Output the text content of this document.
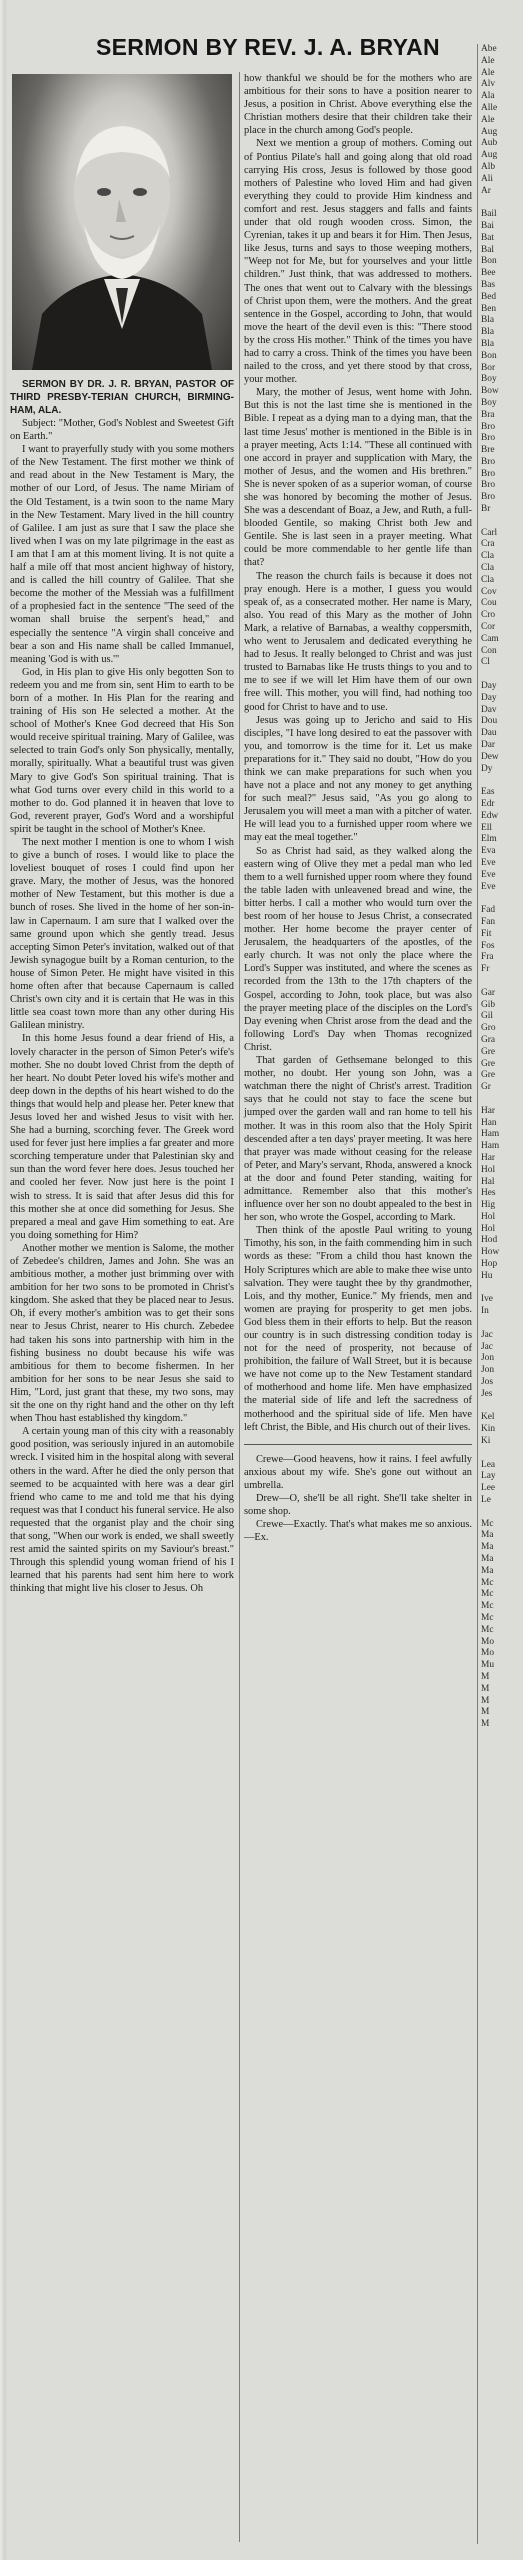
SERMON BY REV. J. A. BRYAN

SERMON BY DR. J. R. BRYAN, PASTOR OF THIRD PRESBY-TERIAN CHURCH, BIRMING-HAM, ALA.

Subject: "Mother, God's Noblest and Sweetest Gift on Earth."

I want to prayerfully study with you some mothers of the New Testament. The first mother we think of and read about in the New Testament is Mary, the mother of our Lord, of Jesus. The name Miriam of the Old Testament, is a twin soon to the name Mary in the New Testament. Mary lived in the hill country of Galilee. I am just as sure that I saw the place she lived when I was on my late pilgrimage in the east as I am that I am at this moment living. It is not quite a half a mile off that most ancient highway of history, and is called the hill country of Galilee. That she become the mother of the Messiah was a fulfillment of a prophesied fact in the sentence "The seed of the woman shall bruise the serpent's head," and especially the sentence "A virgin shall conceive and bear a son and His name shall be called Immanuel, meaning 'God is with us.'"

God, in His plan to give His only begotten Son to redeem you and me from sin, sent Him to earth to be born of a mother. In His Plan for the rearing and training of His son He selected a mother. At the school of Mother's Knee God decreed that His Son would receive spiritual training. Mary of Galilee, was selected to train God's only Son physically, mentally, morally, spiritually. What a beautiful trust was given Mary to give God's Son spiritual training. That is what God turns over every child in this world to a mother to do. God planned it in heaven that love to God, reverent prayer, God's Word and a worshipful spirit be taught in the school of Mother's Knee.

The next mother I mention is one to whom I wish to give a bunch of roses. I would like to place the loveliest bouquet of roses I could find upon her grave. Mary, the mother of Jesus, was the honored mother of New Testament, but this mother is due a bunch of roses. She lived in the home of her son-in-law in Capernaum. I am sure that I walked over the same ground upon which she gently tread. Jesus accepting Simon Peter's invitation, walked out of that Jewish synagogue built by a Roman centurion, to the house of Simon Peter. He might have visited in this home often after that because Capernaum is called Christ's own city and it is certain that He was in this little sea coast town more than any other during His Galilean ministry.

In this home Jesus found a dear friend of His, a lovely character in the person of Simon Peter's wife's mother. She no doubt loved Christ from the depth of her heart. No doubt Peter loved his wife's mother and deep down in the depths of his heart wished to do the things that would help and please her. Peter knew that Jesus loved her and wished Jesus to visit with her. She had a burning, scorching fever. The Greek word used for fever just here implies a far greater and more scorching temperature under that Palestinian sky and sun than the word fever here does. Jesus touched her and cooled her fever. Now just here is the point I wish to stress. It is said that after Jesus did this for this mother she at once did something for Jesus. She prepared a meal and gave Him something to eat. Are you doing something for Him?

Another mother we mention is Salome, the mother of Zebedee's children, James and John. She was an ambitious mother, a mother just brimming over with ambition for her two sons to be promoted in Christ's kingdom. She asked that they be placed near to Jesus. Oh, if every mother's ambition was to get their sons near to Jesus Christ, nearer to His church. Zebedee had taken his sons into partnership with him in the fishing business no doubt because his wife was ambitious for them to become fishermen. In her ambition for her sons to be near Jesus she said to Him, "Lord, just grant that these, my two sons, may sit the one on thy right hand and the other on thy left when Thou hast established thy kingdom."

A certain young man of this city with a reasonably good position, was seriously injured in an automobile wreck. I visited him in the hospital along with several others in the ward. After he died the only person that seemed to be acquainted with here was a dear girl friend who came to me and told me that his dying request was that I conduct his funeral service. He also requested that the organist play and the choir sing that song, "When our work is ended, we shall sweetly rest amid the sainted spirits on my Saviour's breast." Through this splendid young woman friend of his I learned that his parents had sent him here to work thinking that might live his closer to Jesus. Oh

how thankful we should be for the mothers who are ambitious for their sons to have a position nearer to Jesus, a position in Christ. Above everything else the Christian mothers desire that their children take their place in the church among God's people.

Next we mention a group of mothers. Coming out of Pontius Pilate's hall and going along that old road carrying His cross, Jesus is followed by those good mothers of Palestine who loved Him and had given everything they could to provide Him kindness and comfort and rest. Jesus staggers and falls and faints under that old rough wooden cross. Simon, the Cyrenian, takes it up and bears it for Him. Then Jesus, like Jesus, turns and says to those weeping mothers, "Weep not for Me, but for yourselves and your little children." Just think, that was addressed to mothers. The ones that went out to Calvary with the blessings of Christ upon them, were the mothers. And the great sentence in the Gospel, according to John, that would move the heart of the devil even is this: "There stood by the cross His mother." Think of the times you have had to carry a cross. Think of the times you have been nailed to the cross, and yet there stood by that cross, your mother.

Mary, the mother of Jesus, went home with John. But this is not the last time she is mentioned in the Bible. I repeat as a dying man to a dying man, that the last time Jesus' mother is mentioned in the Bible is in a prayer meeting, Acts 1:14. "These all continued with one accord in prayer and supplication with Mary, the mother of Jesus, and the women and His brethren." She is never spoken of as a superior woman, of course she was honored by becoming the mother of Jesus. She was a descendant of Boaz, a Jew, and Ruth, a full-blooded Gentile, so making Christ both Jew and Gentile. She is last seen in a prayer meeting. What could be more commendable to her gentle life than that?

The reason the church fails is because it does not pray enough. Here is a mother, I guess you would speak of, as a consecrated mother. Her name is Mary, also. You read of this Mary as the mother of John Mark, a relative of Barnabas, a wealthy coppersmith, who went to Jerusalem and dedicated everything he had to Jesus. It really belonged to Christ and was just trusted to Barnabas like He trusts things to you and to me to see if we will let Him have them of our own free will. This mother, you will find, had nothing too good for Christ to have and to use.

Jesus was going up to Jericho and said to His disciples, "I have long desired to eat the passover with you, and tomorrow is the time for it. Let us make preparations for it." They said no doubt, "How do you think we can make preparations for such when you have not a place and not any money to get anything for such meal?" Jesus said, "As you go along to Jerusalem you will meet a man with a pitcher of water. He will lead you to a furnished upper room where we may eat the meal together."

So as Christ had said, as they walked along the eastern wing of Olive they met a pedal man who led them to a well furnished upper room where they found the table laden with unleavened bread and wine, the bitter herbs. I call a mother who would turn over the best room of her house to Jesus Christ, a consecrated mother. Her home become the prayer center of Jerusalem, the headquarters of the apostles, of the early church. It was not only the place where the Lord's Supper was instituted, and where the scenes as recorded from the 13th to the 17th chapters of the Gospel, according to John, took place, but was also the prayer meeting place of the disciples on the Lord's Day evening when Christ arose from the dead and the following Lord's Day when Thomas recognized Christ.

That garden of Gethsemane belonged to this mother, no doubt. Her young son John, was a watchman there the night of Christ's arrest. Tradition says that he could not stay to face the scene but jumped over the garden wall and ran home to tell his mother. It was in this room also that the Holy Spirit descended after a ten days' prayer meeting. It was here that prayer was made without ceasing for the release of Peter, and Mary's servant, Rhoda, answered a knock at the door and found Peter standing, waiting for admittance. Remember also that this mother's influence over her son no doubt appealed to the best in her son, who wrote the Gospel, according to Mark.

Then think of the apostle Paul writing to young Timothy, his son, in the faith commending him in such words as these: "From a child thou hast known the Holy Scriptures which are able to make thee wise unto salvation. They were taught thee by thy grandmother, Lois, and thy mother, Eunice." My friends, men and women are praying for prosperity to get men jobs. God bless them in their efforts to help. But the reason our country is in such distressing condition today is not for the need of prosperity, not because of prohibition, the failure of Wall Street, but it is because we have not come up to the New Testament standard of motherhood and home life. Men have emphasized the material side of life and left the sacredness of motherhood and the spiritual side of life. Men have left Christ, the Bible, and His church out of their lives.

Crewe—Good heavens, how it rains. I feel awfully anxious about my wife. She's gone out without an umbrella.

Drew—O, she'll be all right. She'll take shelter in some shop.

Crewe—Exactly. That's what makes me so anxious.—Ex.

Abe
Ale
Ale
Alv
Ala
Alle
Ale
Aug
Aub
Aug
Alb
Ali
Ar
Bail
Bai
Bat
Bal
Bon
Bee
Bas
Bed
Ben
Bla
Bla
Bla
Bon
Bor
Boy
Bow
Boy
Bra
Bro
Bro
Bre
Bro
Bro
Bro
Bro
Br
Carl
Cra
Cla
Cla
Cla
Cov
Cou
Cro
Cor
Cam
Con
Cl
Day
Day
Dav
Dou
Dau
Dar
Dew
Dy
Eas
Edr
Edw
Ell
Elm
Eva
Eve
Eve
Eve
Fad
Fan
Fit
Fos
Fra
Fr
Gar
Gib
Gil
Gro
Gra
Gre
Gre
Gre
Gr
Har
Han
Ham
Ham
Har
Hol
Hal
Hes
Hig
Hol
Hol
Hod
How
Hop
Hu
Ive
In
Jac
Jac
Jon
Jon
Jos
Jes
Kel
Kin
Ki
Lea
Lay
Lee
Le
Mc
Ma
Ma
Ma
Ma
Mc
Mc
Mc
Mc
Mc
Mo
Mo
Mu
M
M
M
M
M
